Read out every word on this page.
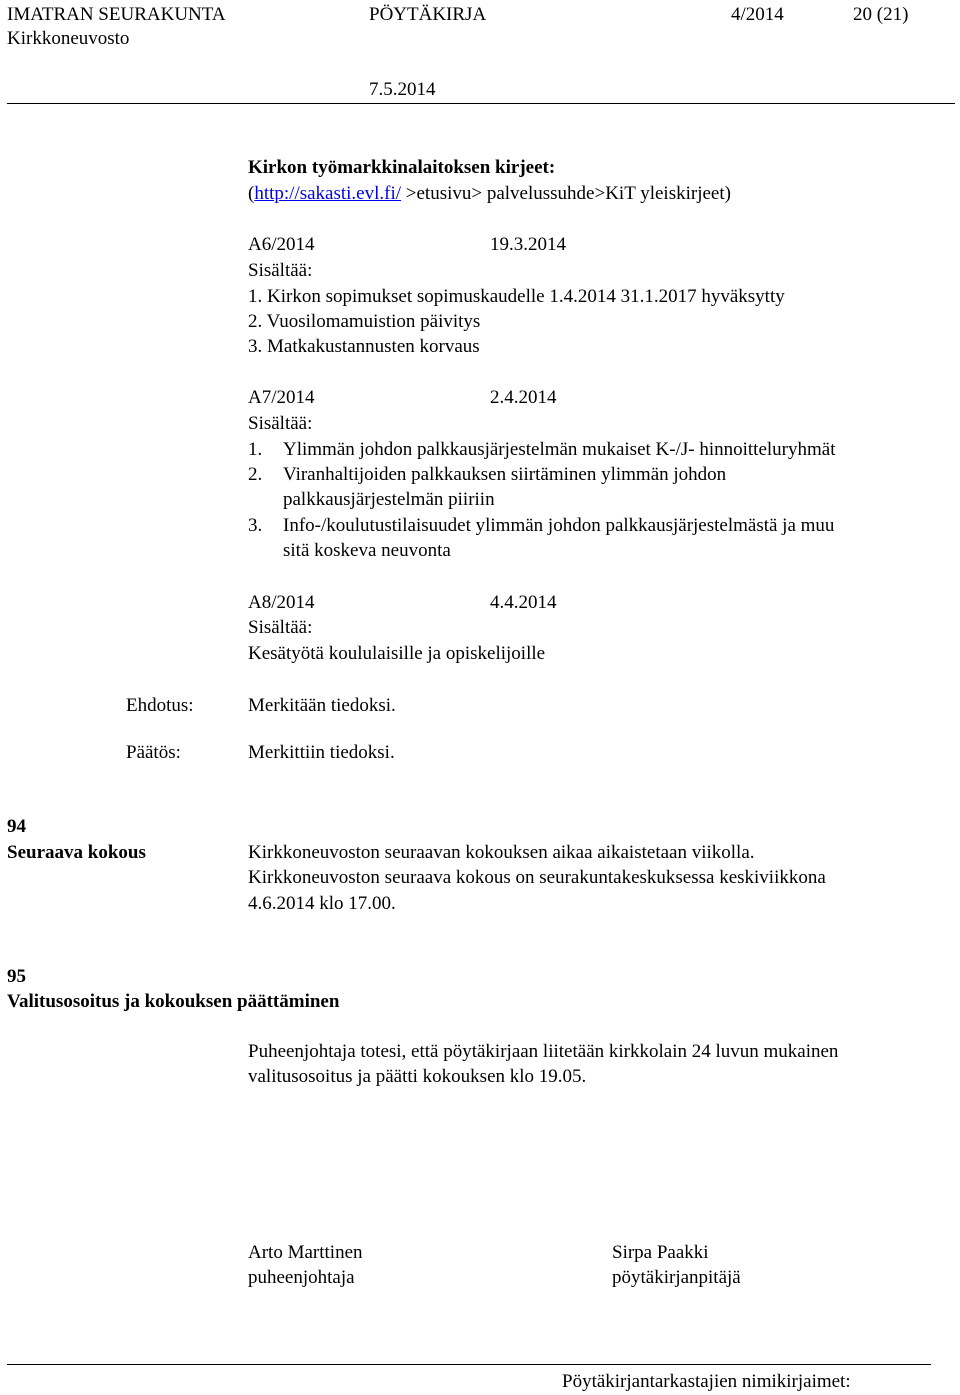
IMATRAN SEURAKUNTA	PÖYTÄKIRJA	4/2014	20 (21)
Kirkkoneuvosto
7.5.2014
Kirkon työmarkkinalaitoksen kirjeet:
(http://sakasti.evl.fi/ >etusivu> palvelussuhde>KiT yleiskirjeet)
A6/2014	19.3.2014
Sisältää:
1. Kirkon sopimukset sopimuskaudelle 1.4.2014 31.1.2017 hyväksytty
2. Vuosilomamuistion päivitys
3. Matkakustannusten korvaus
A7/2014	2.4.2014
Sisältää:
1. Ylimmän johdon palkkausjärjestelmän mukaiset K-/J- hinnoitteluryhmät
2. Viranhaltijoiden palkkauksen siirtäminen ylimmän johdon
palkkausjärjestelmän piiriin
3. Info-/koulutustilaisuudet ylimmän johdon palkkausjärjestelmästä ja muu
sitä koskeva neuvonta
A8/2014	4.4.2014
Sisältää:
Kesätyötä koululaisille ja opiskelijoille
Ehdotus:	Merkitään tiedoksi.
Päätös:	Merkittiin tiedoksi.
94
Seuraava kokous	Kirkkoneuvoston seuraavan kokouksen aikaa aikaistetaan viikolla.
Kirkkoneuvoston seuraava kokous on seurakuntakeskuksessa keskiviikkona
4.6.2014 klo 17.00.
95
Valitusosoitus ja kokouksen päättäminen
Puheenjohtaja totesi, että pöytäkirjaan liitetään kirkkolain 24 luvun mukainen
valitusosoitus ja päätti kokouksen klo 19.05.
Arto Marttinen
puheenjohtaja
Sirpa Paakki
pöytäkirjanpitäjä
Pöytäkirjantarkastajien nimikirjaimet:
